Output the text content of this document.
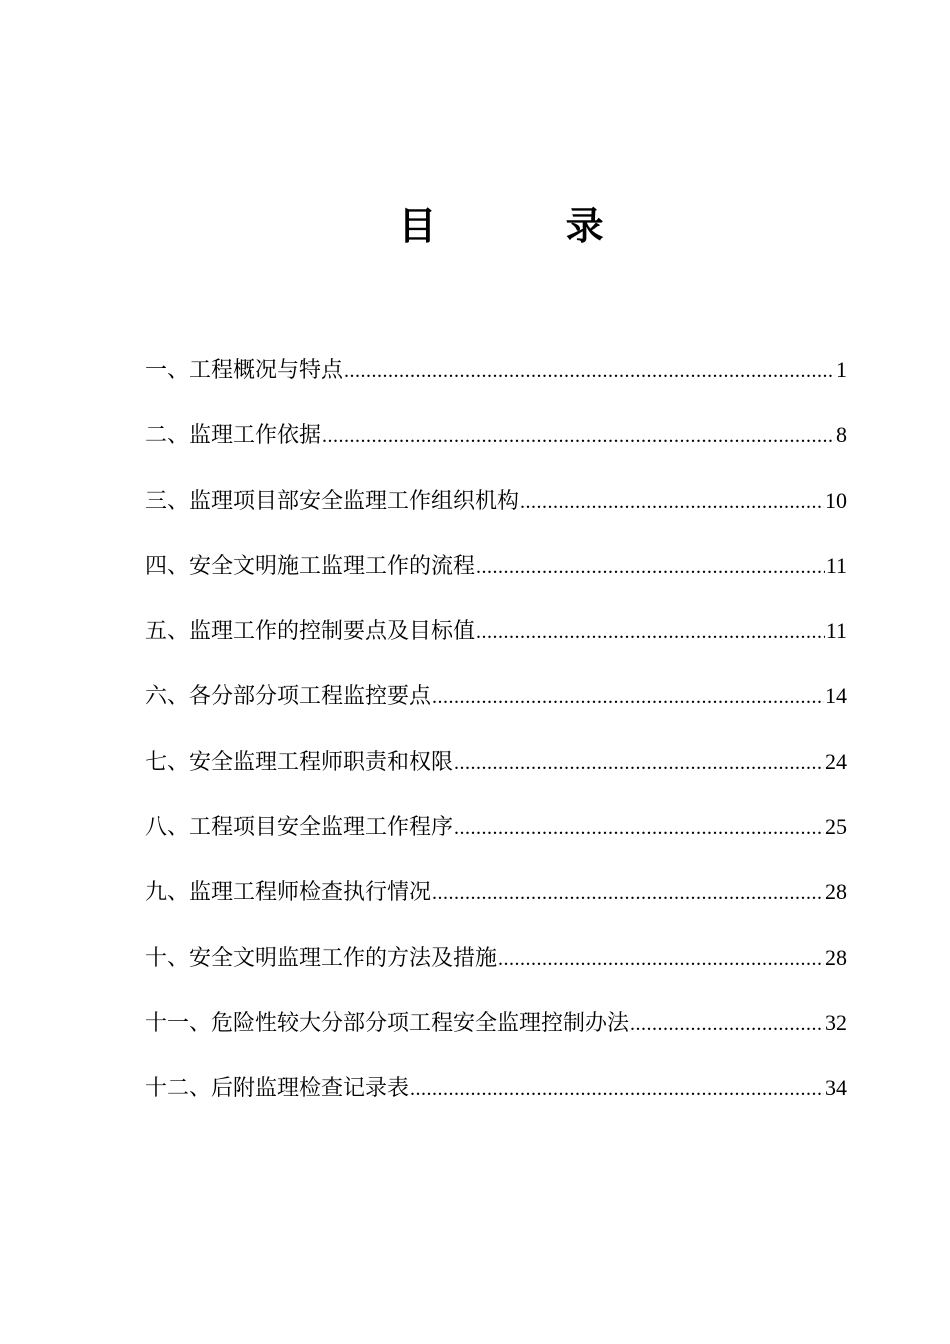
目 录
一、工程概况与特点 .....	1
二、监理工作依据 .....	8
三、监理项目部安全监理工作组织机构 .....	10
四、安全文明施工监理工作的流程 .....	11
五、监理工作的控制要点及目标值 .....	11
六、各分部分项工程监控要点 .....	14
七、安全监理工程师职责和权限 .....	24
八、工程项目安全监理工作程序 .....	25
九、监理工程师检查执行情况 .....	28
十、安全文明监理工作的方法及措施 .....	28
十一、危险性较大分部分项工程安全监理控制办法 .....	32
十二、后附监理检查记录表 .....	34
